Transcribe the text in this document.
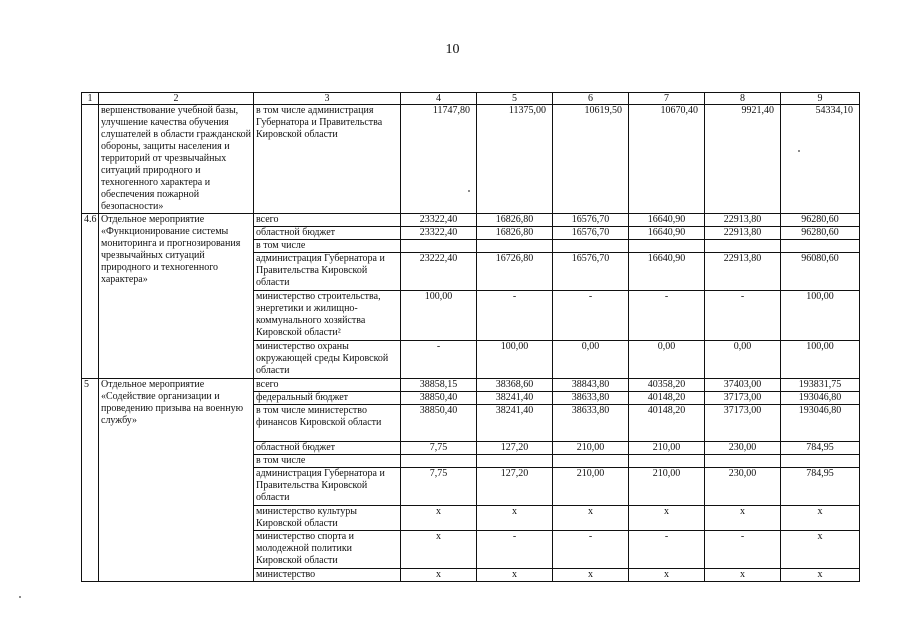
10
1	2	3	4	5	6	7	8	9
	вершенствование учебной базы, улучшение качества обучения слушателей в области гражданской обороны, защиты населения и территорий от чрезвычайных ситуаций природного и техногенного характера и обеспечения пожарной безопасности»	в том числе администрация Губернатора и Правительства Кировской области	11747,80	11375,00	10619,50	10670,40	9921,40	54334,10
4.6	Отдельное мероприятие «Функционирование системы мониторинга и прогнозирования чрезвычайных ситуаций природного и техногенного характера»	всего	23322,40	16826,80	16576,70	16640,90	22913,80	96280,60
		областной бюджет	23322,40	16826,80	16576,70	16640,90	22913,80	96280,60
		в том числе						
		администрация Губернатора и Правительства Кировской области	23222,40	16726,80	16576,70	16640,90	22913,80	96080,60
		министерство строительства, энергетики и жилищно-коммунального хозяйства Кировской области²	100,00	-	-	-	-	100,00
		министерство охраны окружающей среды Кировской области	-	100,00	0,00	0,00	0,00	100,00
5	Отдельное мероприятие «Содействие организации и проведению призыва на военную службу»	всего	38858,15	38368,60	38843,80	40358,20	37403,00	193831,75
		федеральный бюджет	38850,40	38241,40	38633,80	40148,20	37173,00	193046,80
		в том числе министерство финансов Кировской области	38850,40	38241,40	38633,80	40148,20	37173,00	193046,80
		областной бюджет	7,75	127,20	210,00	210,00	230,00	784,95
		в том числе						
		администрация Губернатора и Правительства Кировской области	7,75	127,20	210,00	210,00	230,00	784,95
		министерство культуры Кировской области	x	x	x	x	x	x
		министерство спорта и молодежной политики Кировской области	x	-	-	-	-	x
		министерство	x	x	x	x	x	x
